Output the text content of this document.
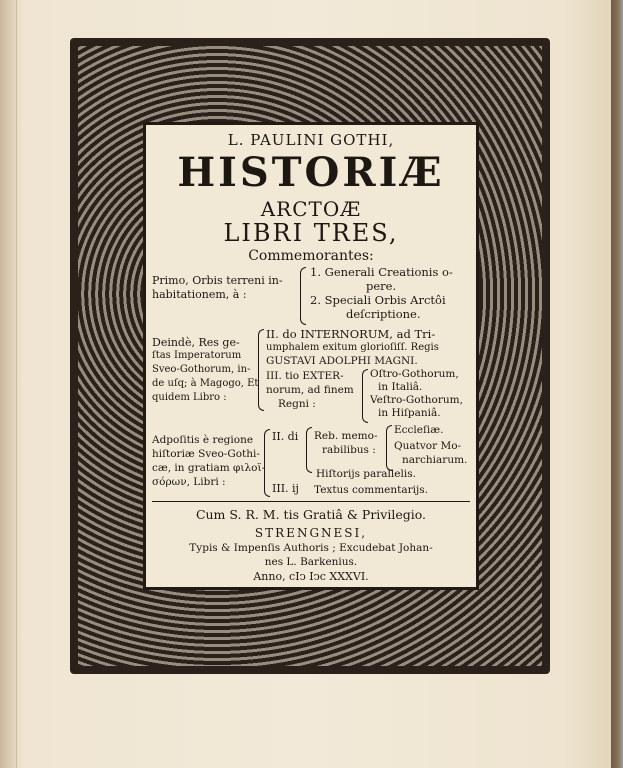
L. PAULINI GOTHI,
HISTORIÆ
ARCTOÆ
LIBRI TRES,
Commemorantes:
Primo, Orbis terreni in-
habitationem, à :
1. Generali Creationis o-
pere.
2. Speciali Orbis Arctôi
deſcriptione.
Deindè, Res ge-
ſtas Imperatorum
Sveo-Gothorum, in-
de uſq; à Magogo, Et
quidem Libro :
II. do INTERNORUM, ad Tri-
umphalem exitum glorioſiſſ. Regis
GUSTAVI ADOLPHI MAGNI.
III. tio EXTER-
norum, ad finem
Regni :
Oſtro-Gothorum,
in Italiâ.
Veſtro-Gothorum,
in Hiſpaniâ.
Adpoſitis è regione
hiſtoriæ Sveo-Gothi-
cæ, in gratiam φιλοϊ-
σόρων, Libri :
II. di
III. ij
Reb. memo-
rabilibus :
Eccleſiæ.
Quatvor Mo-
narchiarum.
Hiſtorijs parallelis.
Textus commentarijs.
Cum S. R. M. tis Gratiâ & Privilegio.
STRENGNESI,
Typis & Impenſis Authoris ; Excudebat Johan-
nes L. Barkenius.
Anno, cIↄ Iↄc XXXVI.
